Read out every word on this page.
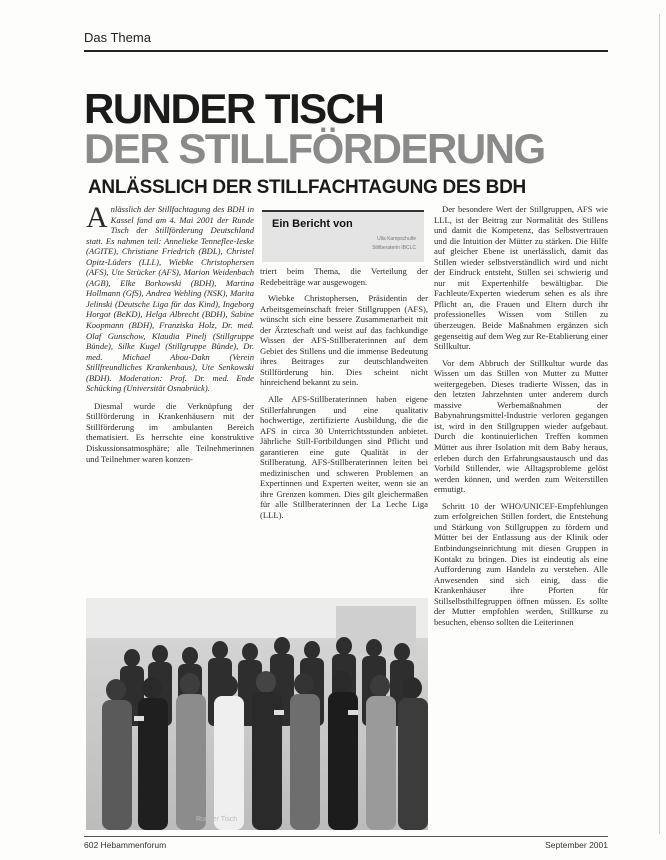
Das Thema
RUNDER TISCH
DER STILLFÖRDERUNG
ANLÄSSLICH DER STILLFACHTAGUNG DES BDH

Anlässlich der Stillfachtagung des BDH in Kassel fand am 4. Mai 2001 der Runde Tisch der Stillförderung Deutschland statt. Es nahmen teil: Annelieke Tenneflee-Ieske (AGITE), Christiane Friedrich (BDL), Christel Opitz-Lüders (LLL), Wiebke Christophersen (AFS), Ute Strücker (AFS), Marion Weidenbach (AGB), Elke Borkowski (BDH), Martina Hollmann (GfS), Andrea Wehling (NSK), Marita Jelinski (Deutsche Liga für das Kind), Ingeborg Horgot (BeKD), Helga Albrecht (BDH), Sabine Koopmann (BDH), Franziska Holz, Dr. med. Olaf Gunschow, Klaudia Pinelj (Stillgruppe Bünde), Silke Kugel (Stillgruppe Bünde), Dr. med. Michael Abou-Dakn (Verein Stillfreundliches Krankenhaus), Ute Senkowski (BDH). Moderation: Prof. Dr. med. Ende Schücking (Universität Osnabrück).

Diesmal wurde die Verknüpfung der Stillförderung in Krankenhäusern mit der Stillförderung im ambulanten Bereich thematisiert. Es herrschte eine konstruktive Diskussionsatmosphäre; alle Teilnehmerinnen und Teilnehmer waren konzen-

Ein Bericht von
Ulla Kampschulte
Stillberaterin IBCLC

triert beim Thema, die Verteilung der Redebeiträge war ausgewogen.

Wiebke Christophersen, Präsidentin der Arbeitsgemeinschaft freier Stillgruppen (AFS), wünscht sich eine bessere Zusammenarbeit mit der Ärzteschaft und weist auf das fachkundige Wissen der AFS-Stillberaterinnen auf dem Gebiet des Stillens und die immense Bedeutung ihres Beitrages zur deutschlandweiten Stillförderung hin. Dies scheint nicht hinreichend bekannt zu sein.

Alle AFS-Stillberaterinnen haben eigene Stillerfahrungen und eine qualitativ hochwertige, zertifizierte Ausbildung, die die AFS in circa 30 Unterrichtsstunden anbietet. Jährliche Still-Fortbildungen sind Pflicht und garantieren eine gute Qualität in der Stillberatung. AFS-Stillberaterinnen leiten bei medizinischen und schweren Problemen an Expertinnen und Experten weiter, wenn sie an ihre Grenzen kommen. Dies gilt gleichermaßen für alle Stillberaterinnen der La Leche Liga (LLL).

Der besondere Wert der Stillgruppen, AFS wie LLL, ist der Beitrag zur Normalität des Stillens und damit die Kompetenz, das Selbstvertrauen und die Intuition der Mütter zu stärken. Die Hilfe auf gleicher Ebene ist unerlässlich, damit das Stillen wieder selbstverständlich wird und nicht der Eindruck entsteht, Stillen sei schwierig und nur mit Expertenhilfe bewältigbar. Die Fachleute/Experten wiederum sehen es als ihre Pflicht an, die Frauen und Eltern durch ihr professionelles Wissen vom Stillen zu überzeugen. Beide Maßnahmen ergänzen sich gegenseitig auf dem Weg zur Re-Etablierung einer Stillkultur.

Vor dem Abbruch der Stillkultur wurde das Wissen um das Stillen von Mutter zu Mutter weitergegeben. Dieses tradierte Wissen, das in den letzten Jahrzehnten unter anderem durch massive Werbemaßnahmen der Babynahrungsmittel-Industrie verloren gegangen ist, wird in den Stillgruppen wieder aufgebaut. Durch die kontinuierlichen Treffen kommen Mütter aus ihrer Isolation mit dem Baby heraus, erleben durch den Erfahrungsaustausch und das Vorbild Stillender, wie Alltagsprobleme gelöst werden können, und werden zum Weiterstillen ermutigt.

Schritt 10 der WHO/UNICEF-Empfehlungen zum erfolgreichen Stillen fordert, die Entstehung und Stärkung von Stillgruppen zu fördern und Mütter bei der Entlassung aus der Klinik oder Entbindungseinrichtung mit diesen Gruppen in Kontakt zu bringen. Dies ist eindeutig als eine Aufforderung zum Handeln zu verstehen. Alle Anwesenden sind sich einig, dass die Krankenhäuser ihre Pforten für Stillselbsthilfegruppen öffnen müssen. Es sollte der Mutter empfohlen werden, Stillkurse zu besuchen, ebenso sollten die Leiterinnen

Runder Tisch
602 Hebammenforum	September 2001
